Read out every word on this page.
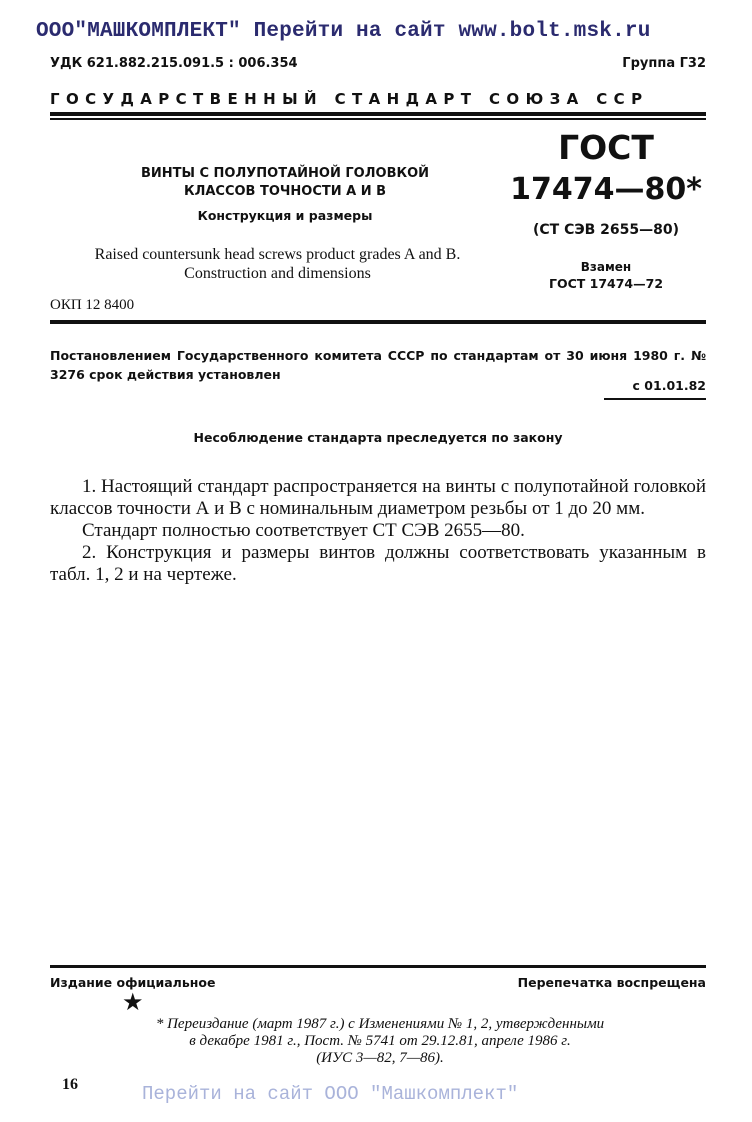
ООО"МАШКОМПЛЕКТ" Перейти на сайт www.bolt.msk.ru
УДК 621.882.215.091.5 : 006.354	Группа Г32
ГОСУДАРСТВЕННЫЙ СТАНДАРТ СОЮЗА ССР
ВИНТЫ С ПОЛУПОТАЙНОЙ ГОЛОВКОЙ
КЛАССОВ ТОЧНОСТИ А И В
Конструкция и размеры
Raised countersunk head screws product grades A and B.
Construction and dimensions
ОКП 12 8400
ГОСТ
17474—80*
(СТ СЭВ 2655—80)
Взамен
ГОСТ 17474—72
Постановлением Государственного комитета СССР по стандартам от 30 июня 1980 г. № 3276 срок действия установлен
с 01.01.82
Несоблюдение стандарта преследуется по закону

1. Настоящий стандарт распространяется на винты с полупотайной головкой классов точности А и В с номинальным диаметром резьбы от 1 до 20 мм.

Стандарт полностью соответствует СТ СЭВ 2655—80.

2. Конструкция и размеры винтов должны соответствовать указанным в табл. 1, 2 и на чертеже.

Издание официальное	Перепечатка воспрещена
★
* Переиздание (март 1987 г.) с Изменениями № 1, 2, утвержденными
в декабре 1981 г., Пост. № 5741 от 29.12.81, апреле 1986 г.
(ИУС 3—82, 7—86).
16	Перейти на сайт ООО "Машкомплект"
